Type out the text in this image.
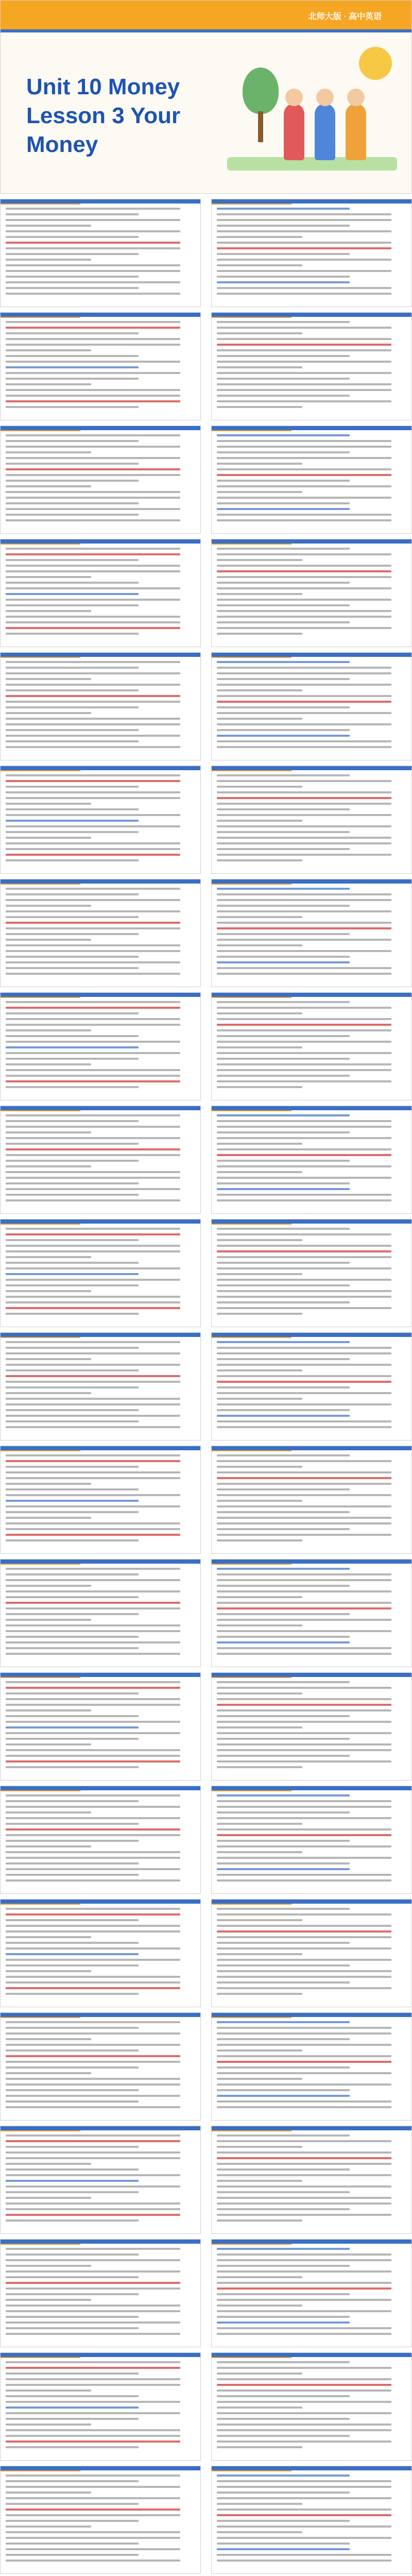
北师大版 · 高中英语
Unit 10 Money
Lesson 3 Your
Money
